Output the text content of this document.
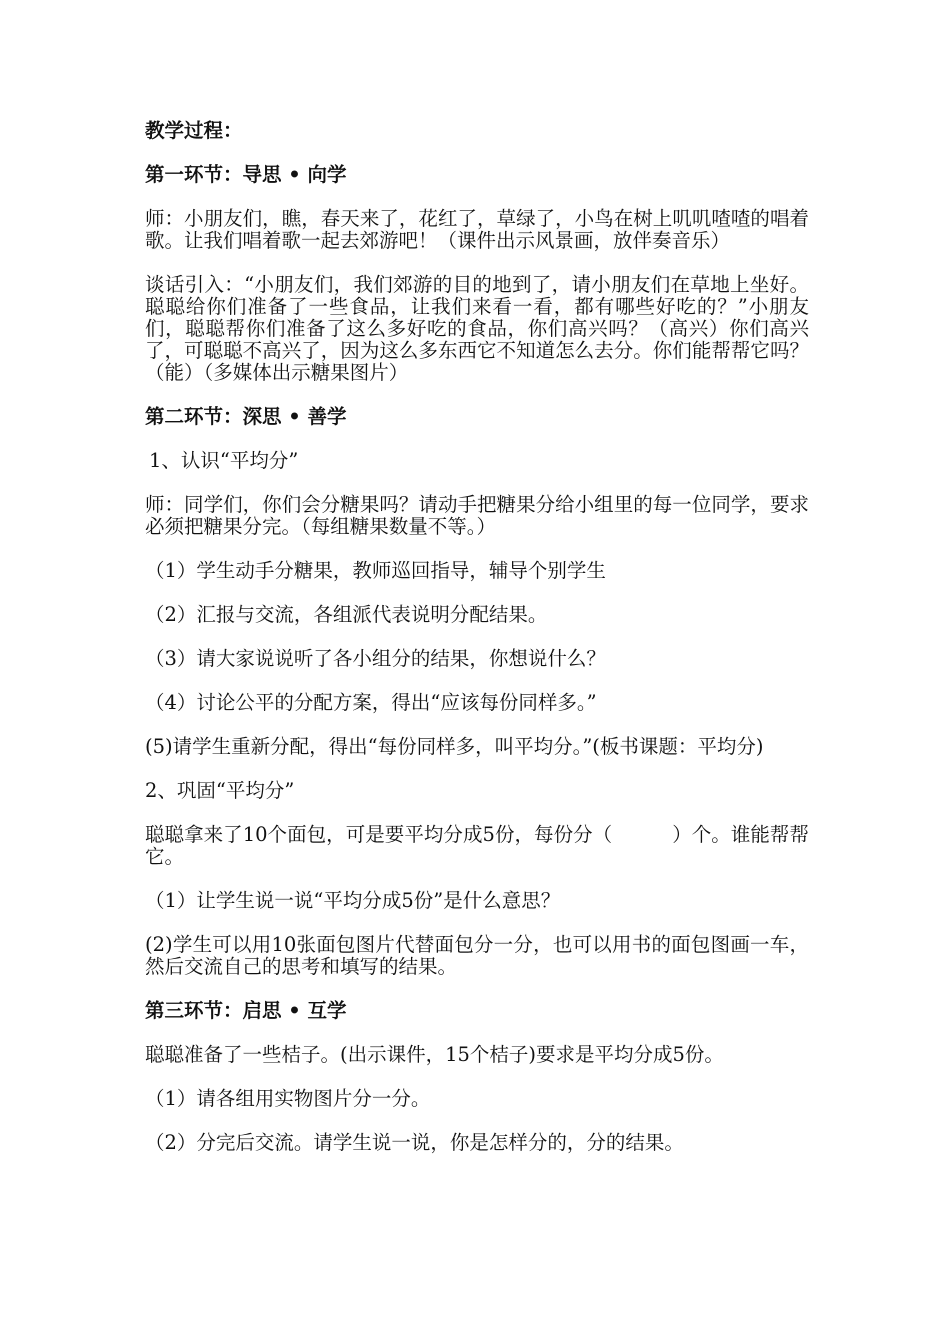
教学过程：

第一环节：导思 • 向学

师：小朋友们，瞧，春天来了，花红了，草绿了，小鸟在树上叽叽喳喳的唱着歌。让我们唱着歌一起去郊游吧！（课件出示风景画，放伴奏音乐）

谈话引入：“小朋友们，我们郊游的目的地到了，请小朋友们在草地上坐好。聪聪给你们准备了一些食品，让我们来看一看，都有哪些好吃的？”小朋友们，聪聪帮你们准备了这么多好吃的食品，你们高兴吗？（高兴）你们高兴了，可聪聪不高兴了，因为这么多东西它不知道怎么去分。你们能帮帮它吗？（能）（多媒体出示糖果图片）

第二环节：深思 • 善学

1、认识“平均分”

师：同学们，你们会分糖果吗？请动手把糖果分给小组里的每一位同学，要求必须把糖果分完。（每组糖果数量不等。）

（1）学生动手分糖果，教师巡回指导，辅导个别学生

（2）汇报与交流，各组派代表说明分配结果。

（3）请大家说说听了各小组分的结果，你想说什么？

（4）讨论公平的分配方案，得出“应该每份同样多。”

(5)请学生重新分配，得出“每份同样多，叫平均分。”(板书课题：平均分)

2、巩固“平均分”

聪聪拿来了10个面包，可是要平均分成5份，每份分（	）个。谁能帮帮它。

（1）让学生说一说“平均分成5份”是什么意思？

(2)学生可以用10张面包图片代替面包分一分，也可以用书的面包图画一车，然后交流自己的思考和填写的结果。

第三环节：启思 • 互学

聪聪准备了一些桔子。(出示课件，15个桔子)要求是平均分成5份。

（1）请各组用实物图片分一分。

（2）分完后交流。请学生说一说，你是怎样分的，分的结果。
